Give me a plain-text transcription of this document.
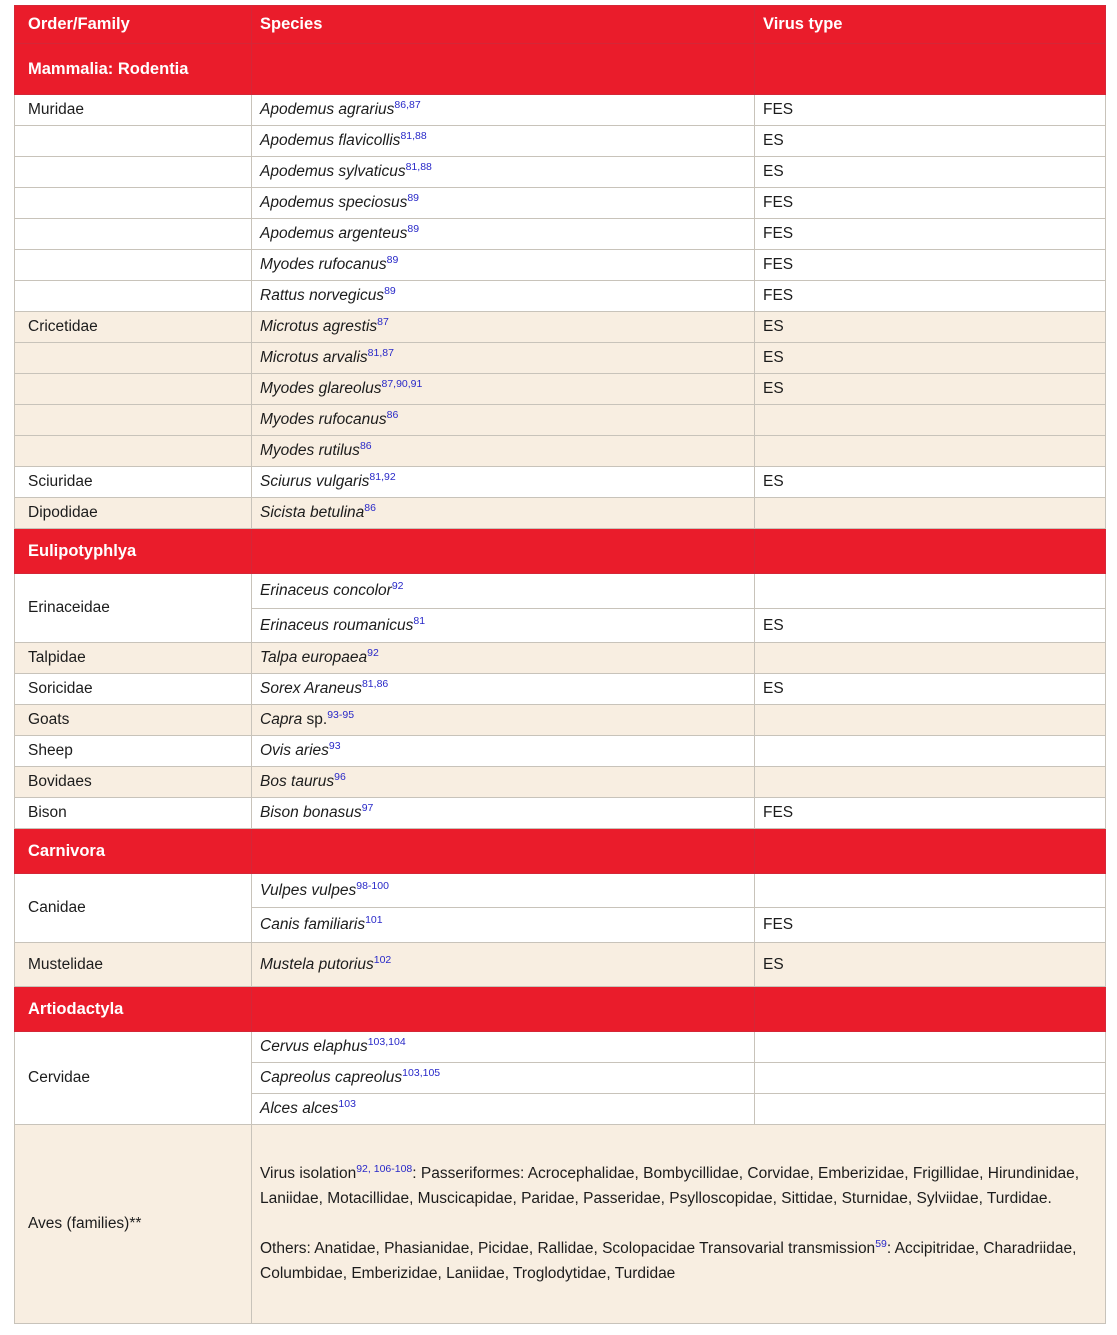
Order/Family	Species	Virus type
Mammalia: Rodentia		
Muridae	Apodemus agrarius$^{86,87}$	FES
	Apodemus flavicollis$^{81,88}$	ES
	Apodemus sylvaticus$^{81,88}$	ES
	Apodemus speciosus$^{89}$	FES
	Apodemus argenteus$^{89}$	FES
	Myodes rufocanus$^{89}$	FES
	Rattus norvegicus$^{89}$	FES
Cricetidae	Microtus agrestis$^{87}$	ES
	Microtus arvalis$^{81,87}$	ES
	Myodes glareolus$^{87,90,91}$	ES
	Myodes rufocanus$^{86}$	
	Myodes rutilus$^{86}$	
Sciuridae	Sciurus vulgaris$^{81,92}$	ES
Dipodidae	Sicista betulina$^{86}$	
Eulipotyphlya		
Erinaceidae	Erinaceus concolor$^{92}$	
	Erinaceus roumanicus$^{81}$	ES
Talpidae	Talpa europaea$^{92}$	
Soricidae	Sorex Araneus$^{81,86}$	ES
Goats	Capra sp.$^{93-95}$	
Sheep	Ovis aries$^{93}$	
Bovidaes	Bos taurus$^{96}$	
Bison	Bison bonasus$^{97}$	FES
Carnivora		
Canidae	Vulpes vulpes$^{98-100}$	
	Canis familiaris$^{101}$	FES
Mustelidae	Mustela putorius$^{102}$	ES
Artiodactyla		
Cervidae	Cervus elaphus$^{103,104}$	
	Capreolus capreolus$^{103,105}$	
	Alces alces$^{103}$	
Aves (families)**	Virus isolation$^{92, 106-108}$: Passeriformes: Acrocephalidae, Bombycillidae, Corvidae, Emberizidae, Frigillidae, Hirundinidae, Laniidae, Motacillidae, Muscicapidae, Paridae, Passeridae, Psylloscopidae, Sittidae, Sturnidae, Sylviidae, Turdidae.

Others: Anatidae, Phasianidae, Picidae, Rallidae, Scolopacidae Transovarial transmission$^{59}$: Accipitridae, Charadriidae, Columbidae, Emberizidae, Laniidae, Troglodytidae, Turdidae	
